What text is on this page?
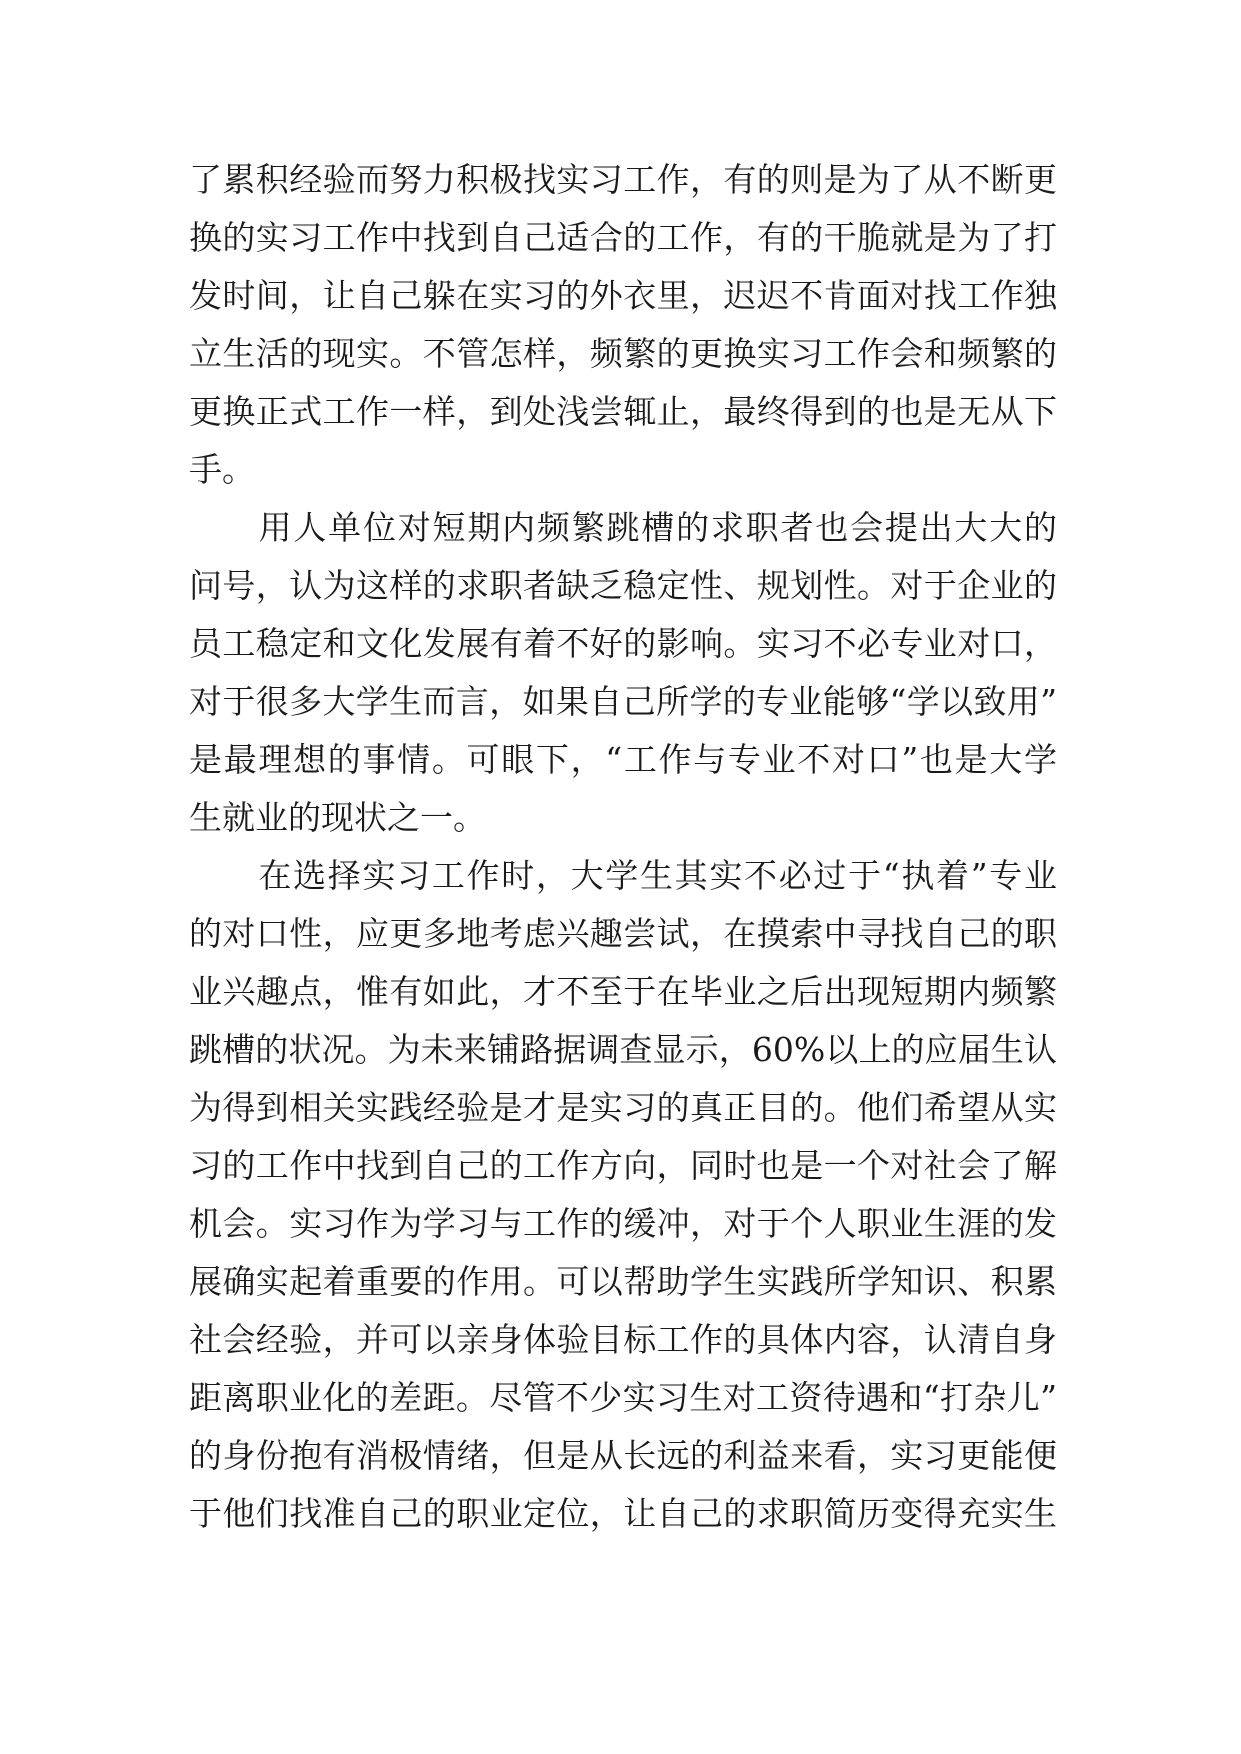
了累积经验而努力积极找实习工作，有的则是为了从不断更
换的实习工作中找到自己适合的工作，有的干脆就是为了打
发时间，让自己躲在实习的外衣里，迟迟不肯面对找工作独
立生活的现实。不管怎样，频繁的更换实习工作会和频繁的
更换正式工作一样，到处浅尝辄止，最终得到的也是无从下
手。
　　用人单位对短期内频繁跳槽的求职者也会提出大大的
问号，认为这样的求职者缺乏稳定性、规划性。对于企业的
员工稳定和文化发展有着不好的影响。实习不必专业对口，
对于很多大学生而言，如果自己所学的专业能够“学以致用”
是最理想的事情。可眼下，“工作与专业不对口”也是大学
生就业的现状之一。
　　在选择实习工作时，大学生其实不必过于“执着”专业
的对口性，应更多地考虑兴趣尝试，在摸索中寻找自己的职
业兴趣点，惟有如此，才不至于在毕业之后出现短期内频繁
跳槽的状况。为未来铺路据调查显示，60%以上的应届生认
为得到相关实践经验是才是实习的真正目的。他们希望从实
习的工作中找到自己的工作方向，同时也是一个对社会了解
机会。实习作为学习与工作的缓冲，对于个人职业生涯的发
展确实起着重要的作用。可以帮助学生实践所学知识、积累
社会经验，并可以亲身体验目标工作的具体内容，认清自身
距离职业化的差距。尽管不少实习生对工资待遇和“打杂儿”
的身份抱有消极情绪，但是从长远的利益来看，实习更能便
于他们找准自己的职业定位，让自己的求职简历变得充实生
